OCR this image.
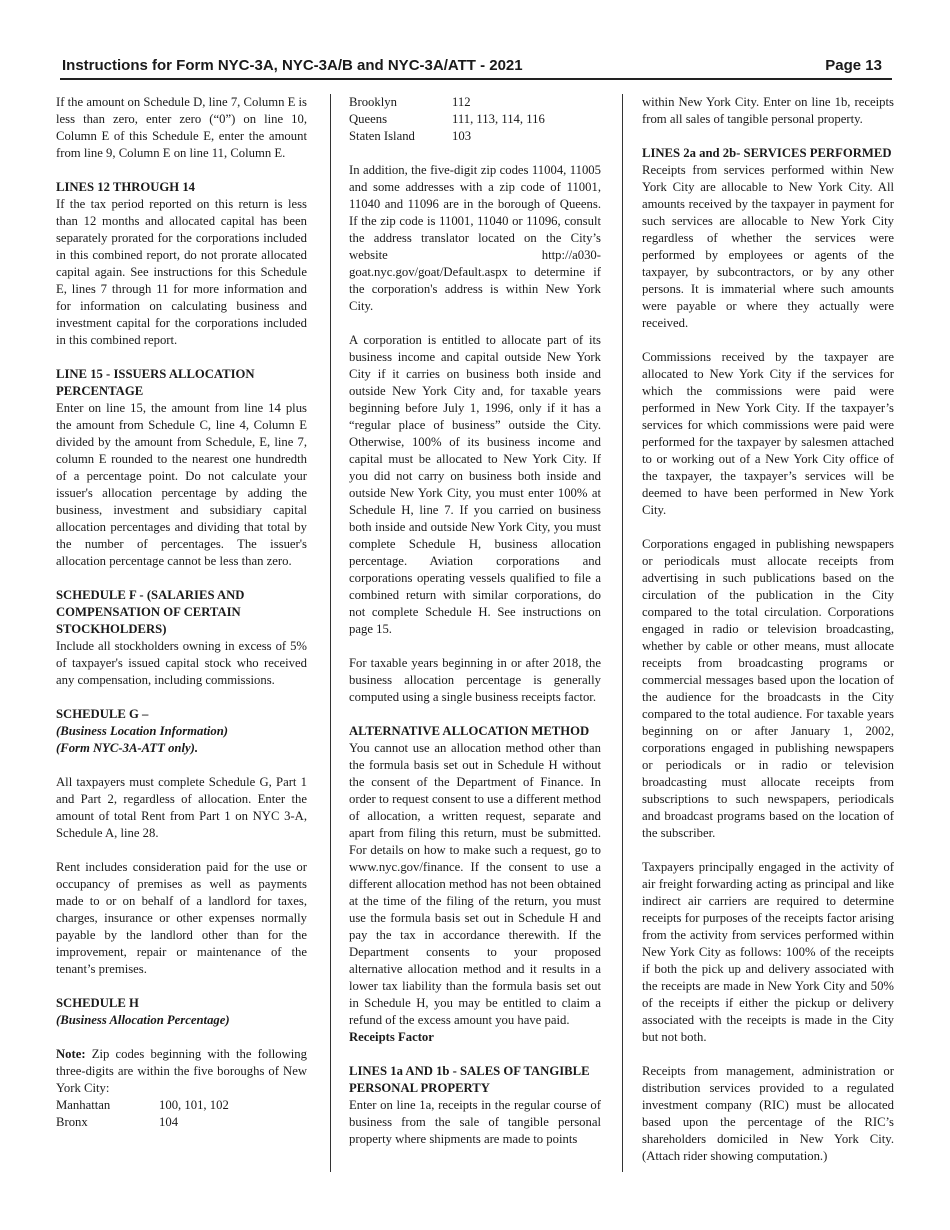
Instructions for Form NYC-3A, NYC-3A/B and NYC-3A/ATT - 2021	Page 13

If the amount on Schedule D, line 7, Column E is less than zero, enter zero (“0”) on line 10, Column E of this Schedule E, enter the amount from line 9, Column E on line 11, Column E.

LINES 12 THROUGH 14

If the tax period reported on this return is less than 12 months and allocated capital has been separately prorated for the corporations included in this combined report, do not prorate allocated capital again. See instructions for this Schedule E, lines 7 through 11 for more information and for information on calculating business and investment capital for the corporations included in this combined report.

LINE 15 - ISSUERS ALLOCATION PERCENTAGE

Enter on line 15, the amount from line 14 plus the amount from Schedule C, line 4, Column E divided by the amount from Schedule, E, line 7, column E rounded to the nearest one hundredth of a percentage point. Do not calculate your issuer's allocation percentage by adding the business, investment and subsidiary capital allocation percentages and dividing that total by the number of percentages. The issuer's allocation percentage cannot be less than zero.

SCHEDULE F - (SALARIES AND COMPENSATION OF CERTAIN STOCKHOLDERS)

Include all stockholders owning in excess of 5% of taxpayer's issued capital stock who received any compensation, including commissions.

SCHEDULE G –
(Business Location Information)
(Form NYC-3A-ATT only).

All taxpayers must complete Schedule G, Part 1 and Part 2, regardless of allocation. Enter the amount of total Rent from Part 1 on NYC 3-A, Schedule A, line 28.

Rent includes consideration paid for the use or occupancy of premises as well as payments made to or on behalf of a landlord for taxes, charges, insurance or other expenses normally payable by the landlord other than for the improvement, repair or maintenance of the tenant’s premises.

SCHEDULE H
(Business Allocation Percentage)

Note: Zip codes beginning with the following three-digits are within the five boroughs of New York City:

Manhattan	100, 101, 102
Bronx	104
Brooklyn	112
Queens	111, 113, 114, 116
Staten Island	103

In addition, the five-digit zip codes 11004, 11005 and some addresses with a zip code of 11001, 11040 and 11096 are in the borough of Queens. If the zip code is 11001, 11040 or 11096, consult the address translator located on the City’s website http://a030-goat.nyc.gov/goat/Default.aspx to determine if the corporation's address is within New York City.

A corporation is entitled to allocate part of its business income and capital outside New York City if it carries on business both inside and outside New York City and, for taxable years beginning before July 1, 1996, only if it has a “regular place of business” outside the City. Otherwise, 100% of its business income and capital must be allocated to New York City. If you did not carry on business both inside and outside New York City, you must enter 100% at Schedule H, line 7. If you carried on business both inside and outside New York City, you must complete Schedule H, business allocation percentage. Aviation corporations and corporations operating vessels qualified to file a combined return with similar corporations, do not complete Schedule H. See instructions on page 15.

For taxable years beginning in or after 2018, the business allocation percentage is generally computed using a single business receipts factor.

ALTERNATIVE ALLOCATION METHOD

You cannot use an allocation method other than the formula basis set out in Schedule H without the consent of the Department of Finance. In order to request consent to use a different method of allocation, a written request, separate and apart from filing this return, must be submitted. For details on how to make such a request, go to www.nyc.gov/finance. If the consent to use a different allocation method has not been obtained at the time of the filing of the return, you must use the formula basis set out in Schedule H and pay the tax in accordance therewith. If the Department consents to your proposed alternative allocation method and it results in a lower tax liability than the formula basis set out in Schedule H, you may be entitled to claim a refund of the excess amount you have paid.

Receipts Factor
LINES 1a AND 1b - SALES OF TANGIBLE PERSONAL PROPERTY

Enter on line 1a, receipts in the regular course of business from the sale of tangible personal property where shipments are made to points

within New York City. Enter on line 1b, receipts from all sales of tangible personal property.

LINES 2a and 2b- SERVICES PERFORMED

Receipts from services performed within New York City are allocable to New York City. All amounts received by the taxpayer in payment for such services are allocable to New York City regardless of whether the services were performed by employees or agents of the taxpayer, by subcontractors, or by any other persons. It is immaterial where such amounts were payable or where they actually were received.

Commissions received by the taxpayer are allocated to New York City if the services for which the commissions were paid were performed in New York City. If the taxpayer’s services for which commissions were paid were performed for the taxpayer by salesmen attached to or working out of a New York City office of the taxpayer, the taxpayer’s services will be deemed to have been performed in New York City.

Corporations engaged in publishing newspapers or periodicals must allocate receipts from advertising in such publications based on the circulation of the publication in the City compared to the total circulation. Corporations engaged in radio or television broadcasting, whether by cable or other means, must allocate receipts from broadcasting programs or commercial messages based upon the location of the audience for the broadcasts in the City compared to the total audience. For taxable years beginning on or after January 1, 2002, corporations engaged in publishing newspapers or periodicals or in radio or television broadcasting must allocate receipts from subscriptions to such newspapers, periodicals and broadcast programs based on the location of the subscriber.

Taxpayers principally engaged in the activity of air freight forwarding acting as principal and like indirect air carriers are required to determine receipts for purposes of the receipts factor arising from the activity from services performed within New York City as follows: 100% of the receipts if both the pick up and delivery associated with the receipts are made in New York City and 50% of the receipts if either the pickup or delivery associated with the receipts is made in the City but not both.

Receipts from management, administration or distribution services provided to a regulated investment company (RIC) must be allocated based upon the percentage of the RIC’s shareholders domiciled in New York City. (Attach rider showing computation.)
